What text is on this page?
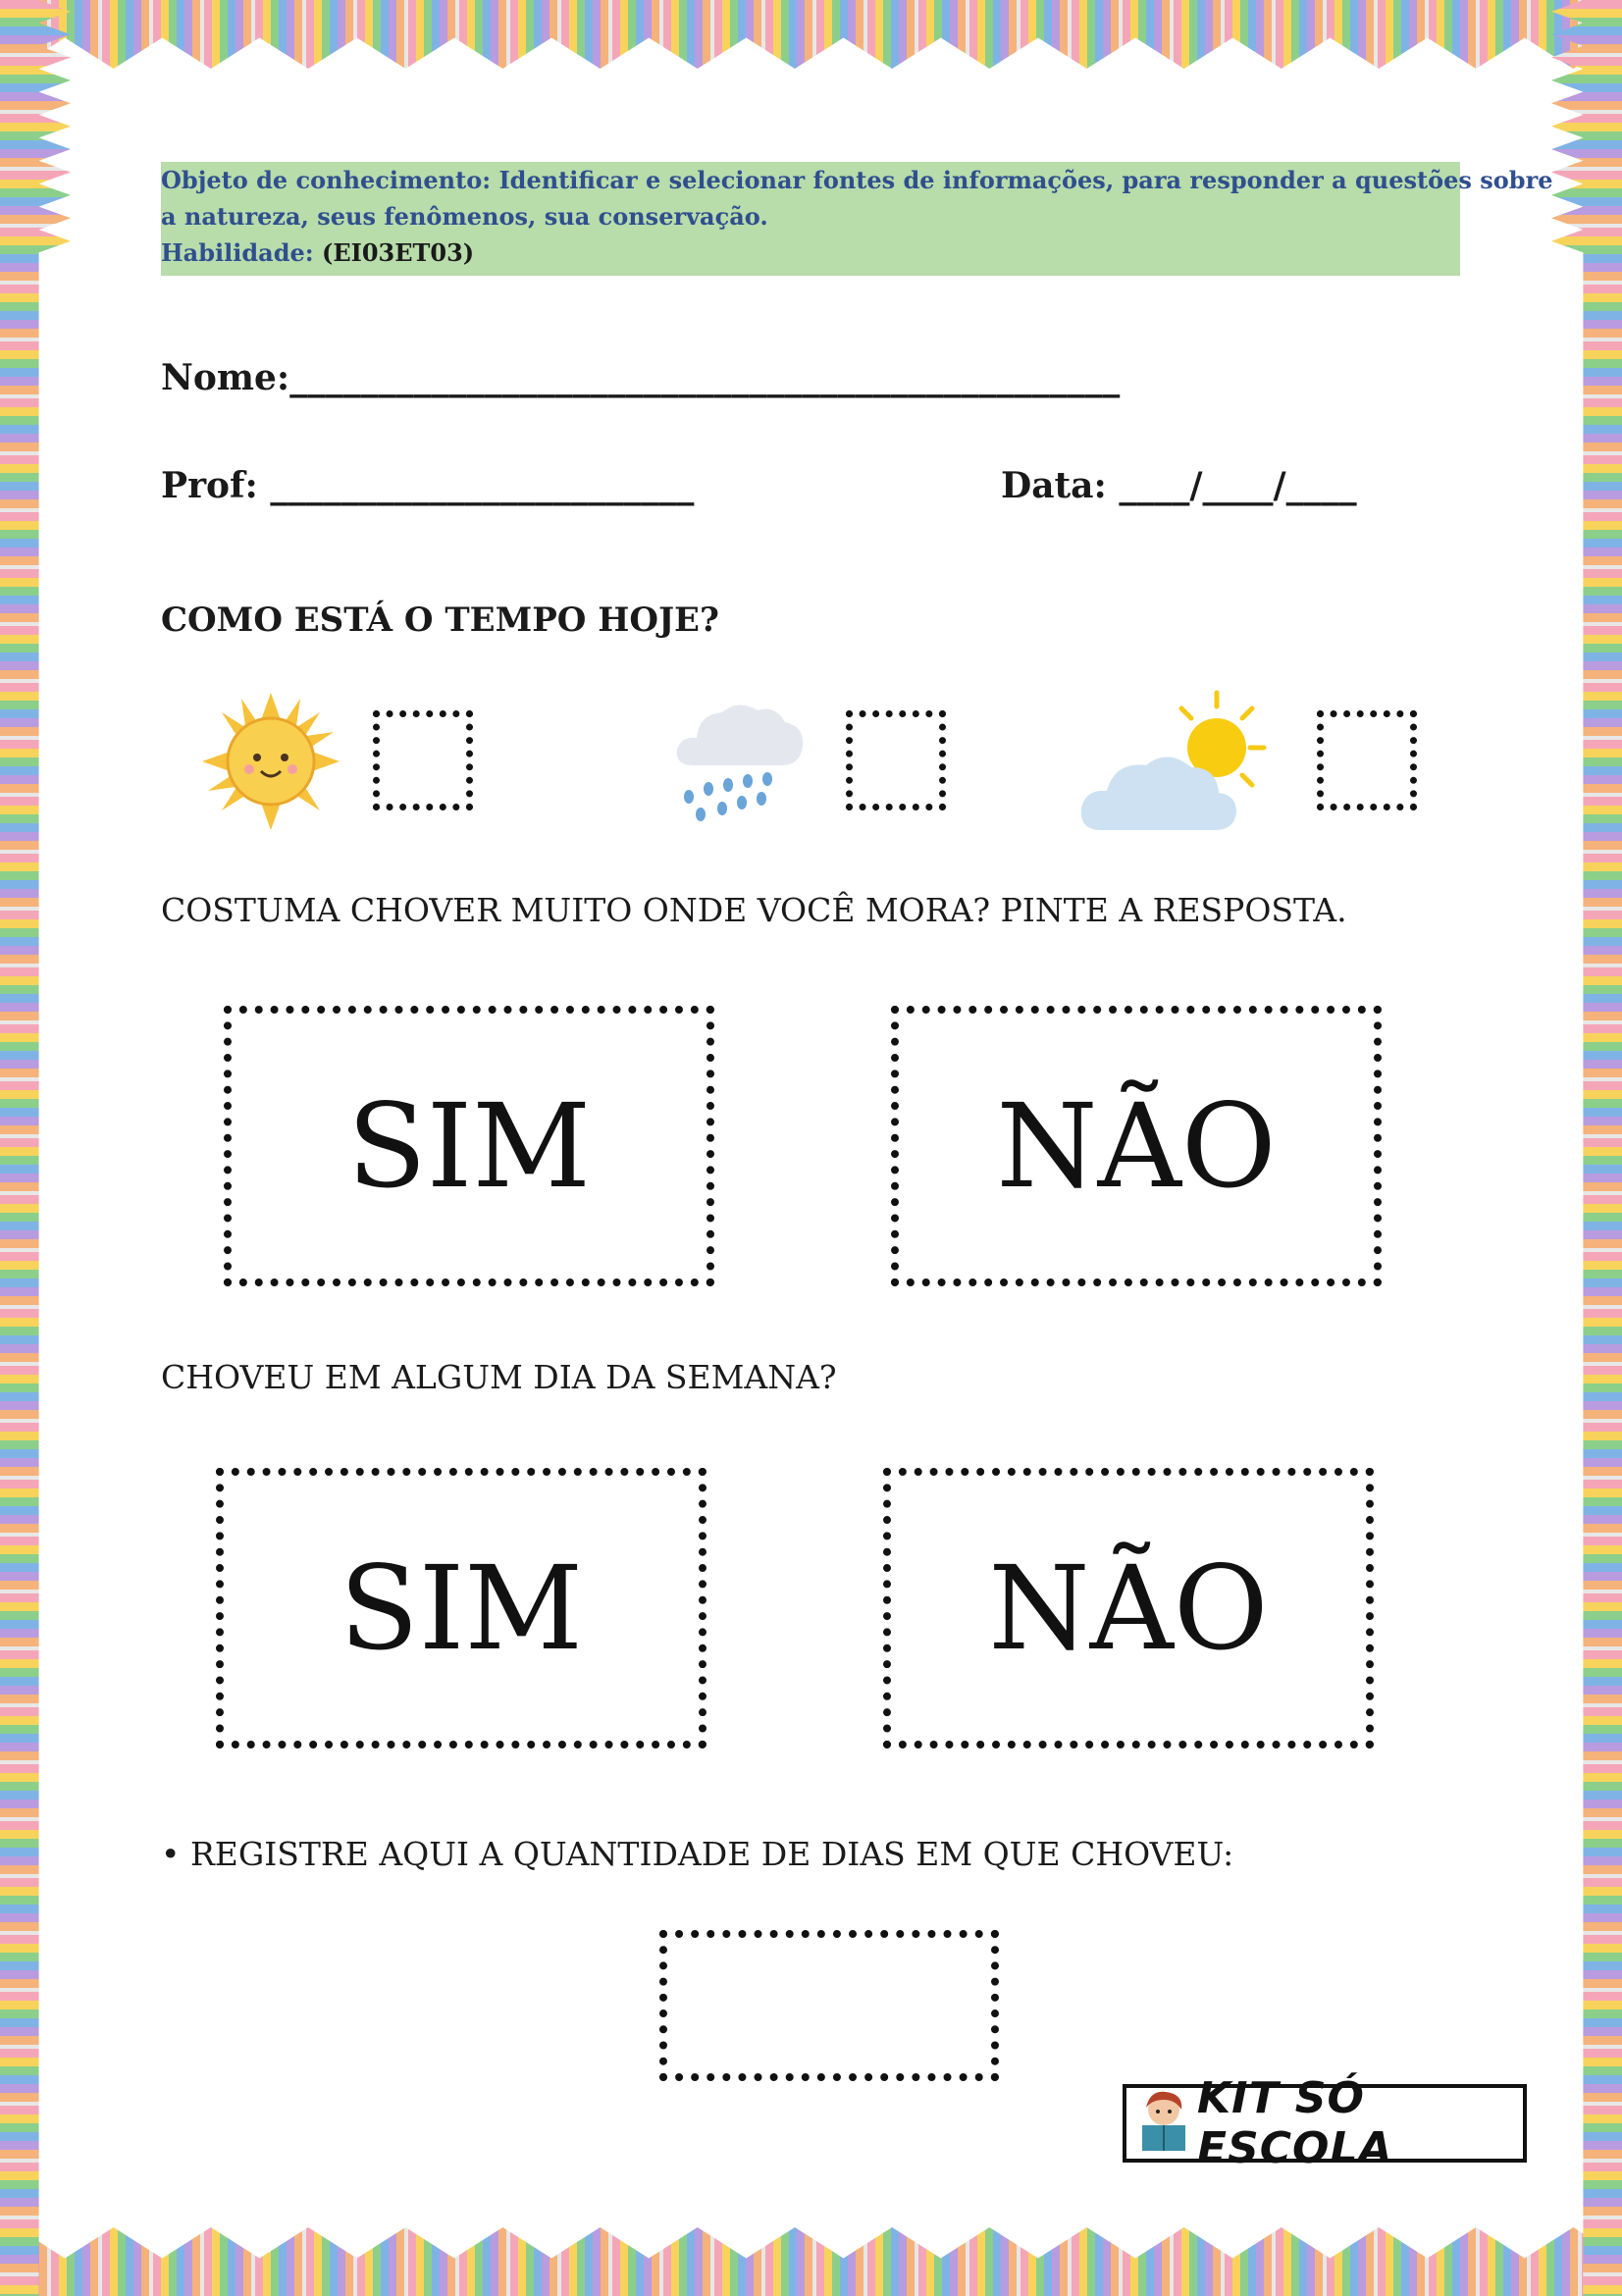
Objeto de conhecimento: Identificar e selecionar fontes de informações, para responder a questões sobre
a natureza, seus fenômenos, sua conservação.
Habilidade: (EI03ET03)
Nome:_______________________________________________
Prof: ________________________	Data: ____/____/____
COMO ESTÁ O TEMPO HOJE?
COSTUMA CHOVER MUITO ONDE VOCÊ MORA? PINTE A RESPOSTA.
SIM	NÃO
CHOVEU EM ALGUM DIA DA SEMANA?
SIM	NÃO
• REGISTRE AQUI A QUANTIDADE DE DIAS EM QUE CHOVEU:
KIT SÓ ESCOLA
